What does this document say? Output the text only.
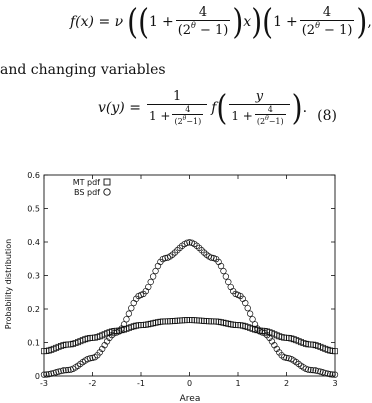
f(x) = ν ( ( $1 + \frac{4}{(2^\theta - 1)}$ ) x ) ( $1 + \frac{4}{(2^\theta - 1)}$ ) ,
and changing variables
$v(y) = \frac{1}{1 + \frac{4}{(2^\theta-1)}}$ f ( $\frac{y}{1 + \frac{4}{(2^\theta-1)}}$ ) . (8)
-3	-2	-1	0	1	2	3
0
0.1
0.2
0.3
0.4
0.5
0.6
Area
Probability distribution
MT pdf
BS pdf
